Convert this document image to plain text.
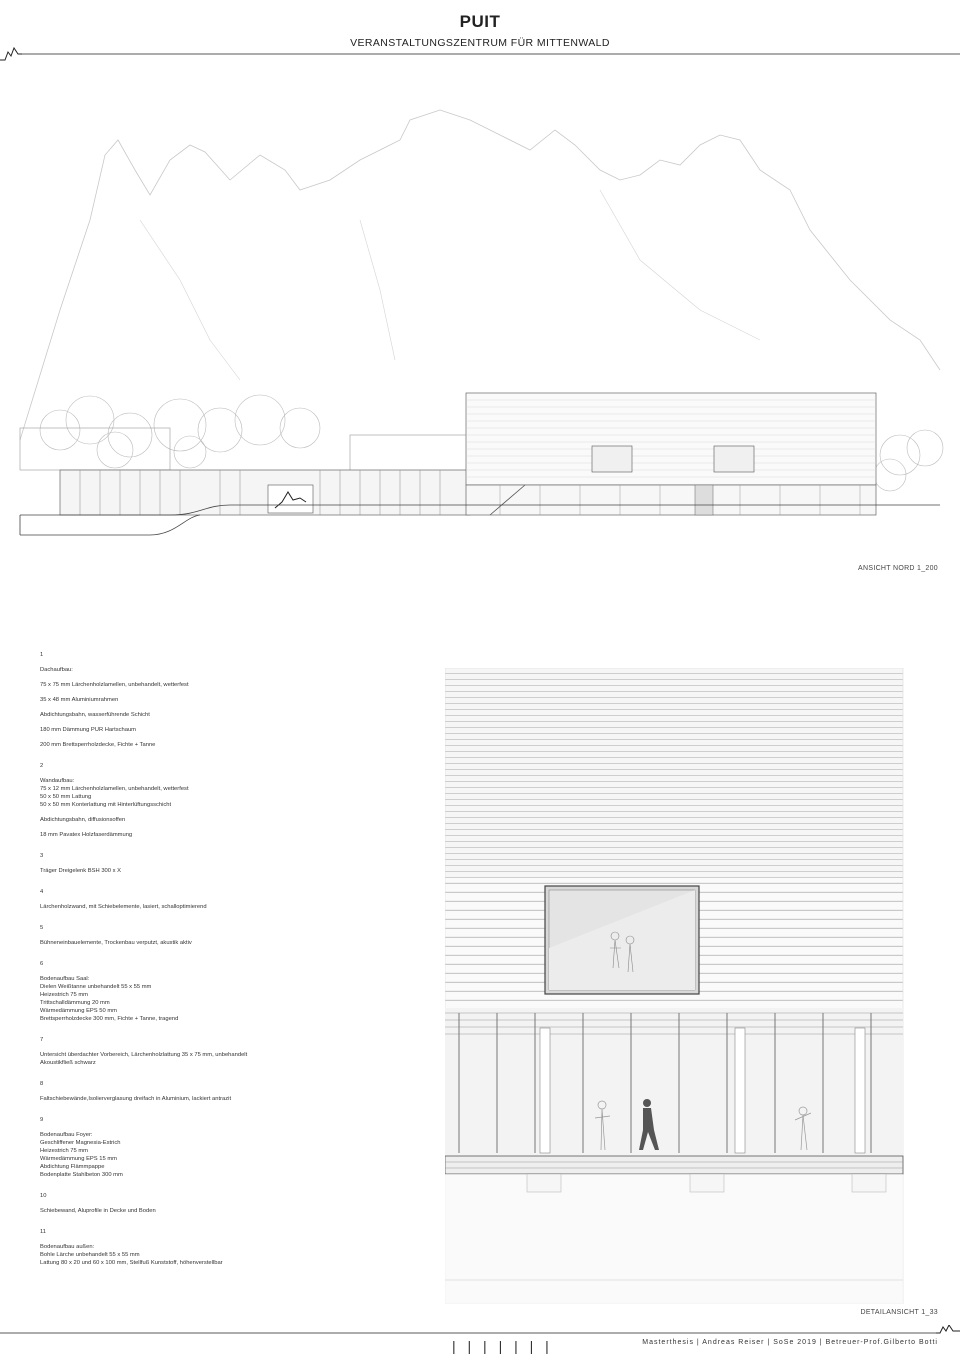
PUIT
VERANSTALTUNGSZENTRUM FÜR MITTENWALD
ANSICHT NORD 1_200
1
Dachaufbau:
75 x 75 mm Lärchenholzlamellen, unbehandelt, wetterfest
35 x 48 mm Aluminiumrahmen
Abdichtungsbahn, wasserführende Schicht
180 mm Dämmung PUR Hartschaum
200 mm Brettsperrholzdecke, Fichte + Tanne
2
Wandaufbau:
75 x 12 mm Lärchenholzlamellen, unbehandelt, wetterfest
50 x 50 mm Lattung
50 x 50 mm Konterlattung mit Hinterlüftungsschicht
Abdichtungsbahn, diffusionsoffen
18 mm Pavatex Holzfaserdämmung
3
Träger Dreigelenk BSH 300 x X
4
Lärchenholzwand, mit Schiebelemente, lasiert, schalloptimierend
5
Bühneneinbauelemente, Trockenbau verputzt, akustik aktiv
6
Bodenaufbau Saal:
Dielen Weißtanne unbehandelt 55 x 55 mm
Heizestrich 75 mm
Trittschalldämmung 20 mm
Wärmedämmung EPS 50 mm
Brettsperrholzdecke 300 mm, Fichte + Tanne, tragend
7
Untersicht überdachter Vorbereich, Lärchenholzlattung 35 x 75 mm, unbehandelt
Akoustikfließ schwarz
8
Faltschiebewände,Isolierverglasung dreifach in Aluminium, lackiert antrazit
9
Bodenaufbau Foyer:
Geschliffener Magnesia-Estrich
Heizestrich 75 mm
Wärmedämmung EPS 15 mm
Abdichtung Flämmpappe
Bodenplatte Stahlbeton 300 mm
10
Schiebewand, Aluprofile in Decke und Boden
11
Bodenaufbau außen:
Bohle Lärche unbehandelt 55 x 55 mm
Lattung 80 x 20 und 60 x 100 mm, Stellfuß Kunststoff, höhenverstellbar
DETAILANSICHT 1_33
| | | | | | |	Masterthesis | Andreas Reiser | SoSe 2019 | Betreuer-Prof.Gilberto Botti
